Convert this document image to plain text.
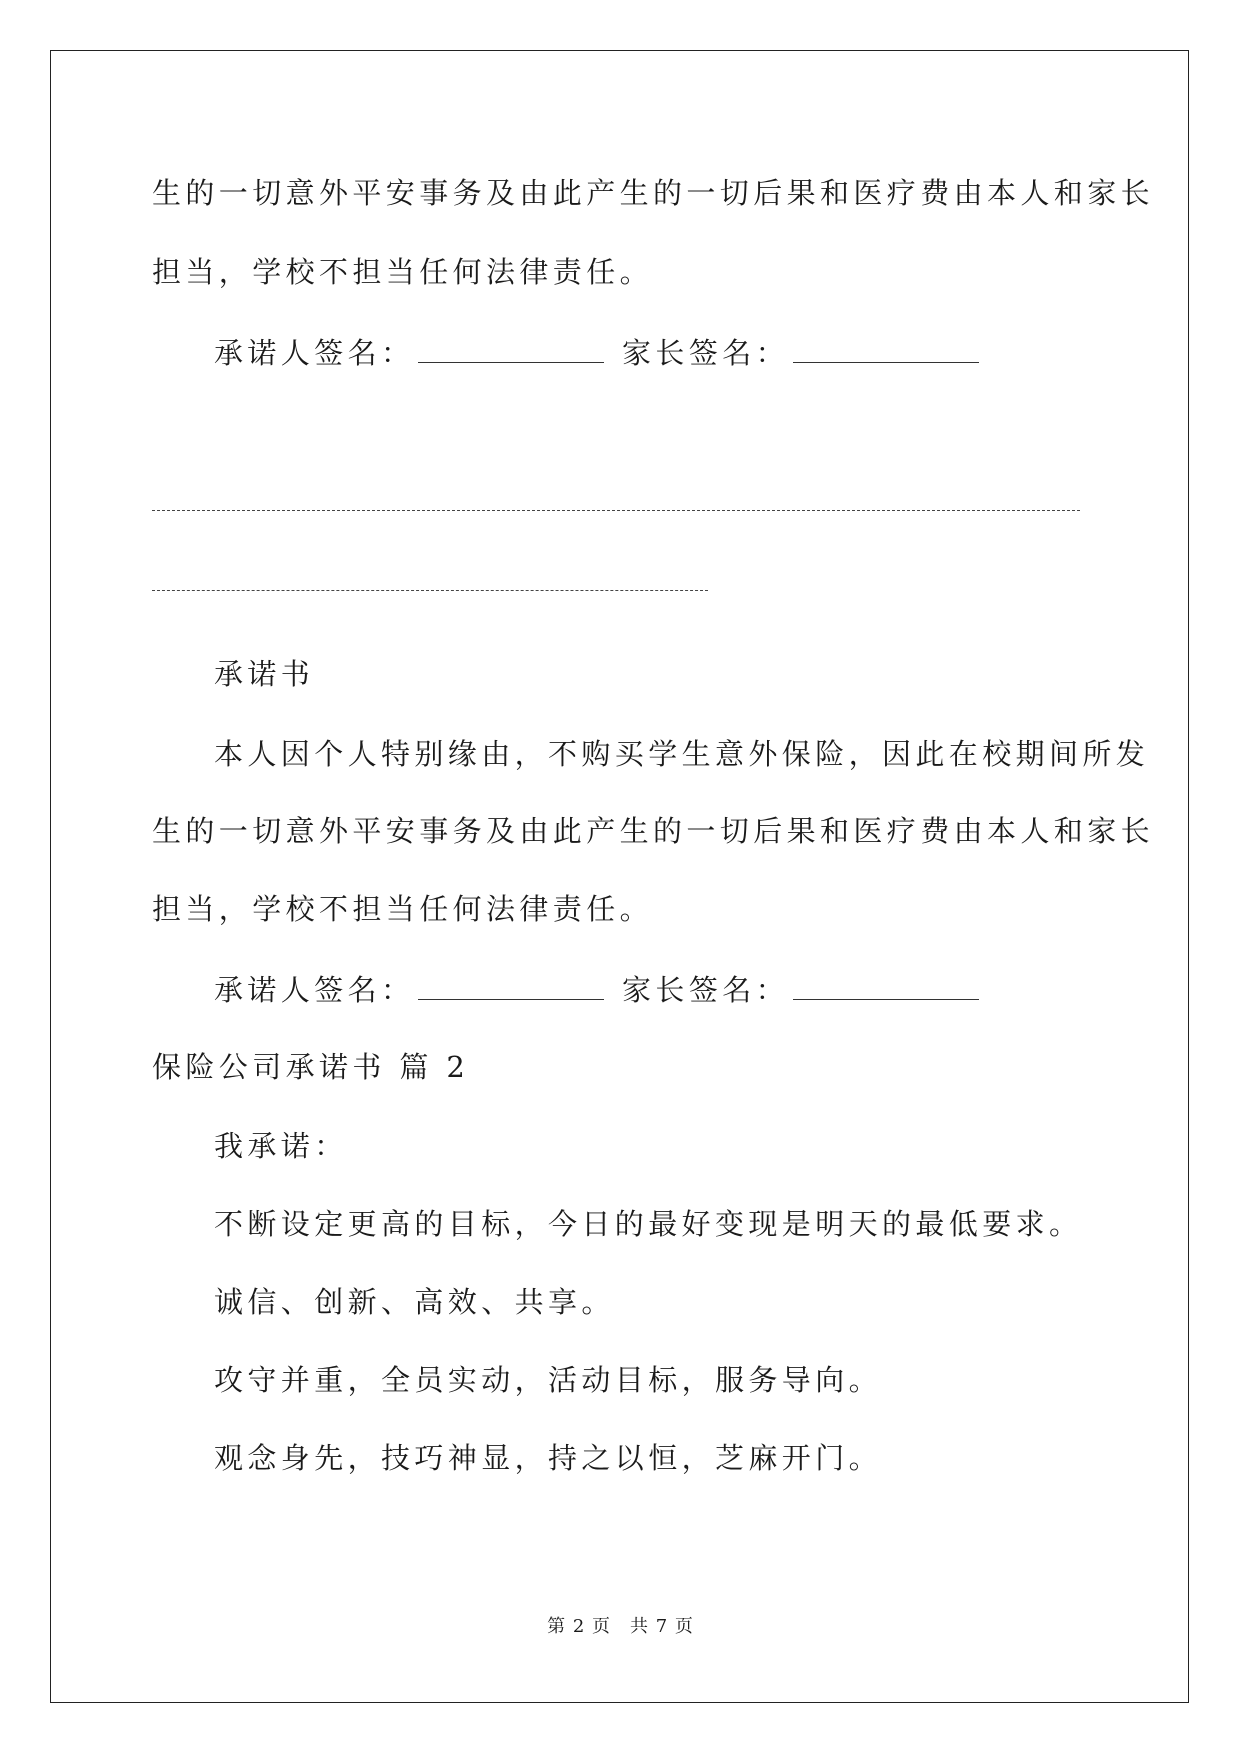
生的一切意外平安事务及由此产生的一切后果和医疗费由本人和家长
担当，学校不担当任何法律责任。
承诺人签名：	家长签名：
承诺书
本人因个人特别缘由，不购买学生意外保险，因此在校期间所发
生的一切意外平安事务及由此产生的一切后果和医疗费由本人和家长
担当，学校不担当任何法律责任。
承诺人签名：	家长签名：
保险公司承诺书 篇 2
我承诺：
不断设定更高的目标，今日的最好变现是明天的最低要求。
诚信、创新、高效、共享。
攻守并重，全员实动，活动目标，服务导向。
观念身先，技巧神显，持之以恒，芝麻开门。
第 2 页　共 7 页
